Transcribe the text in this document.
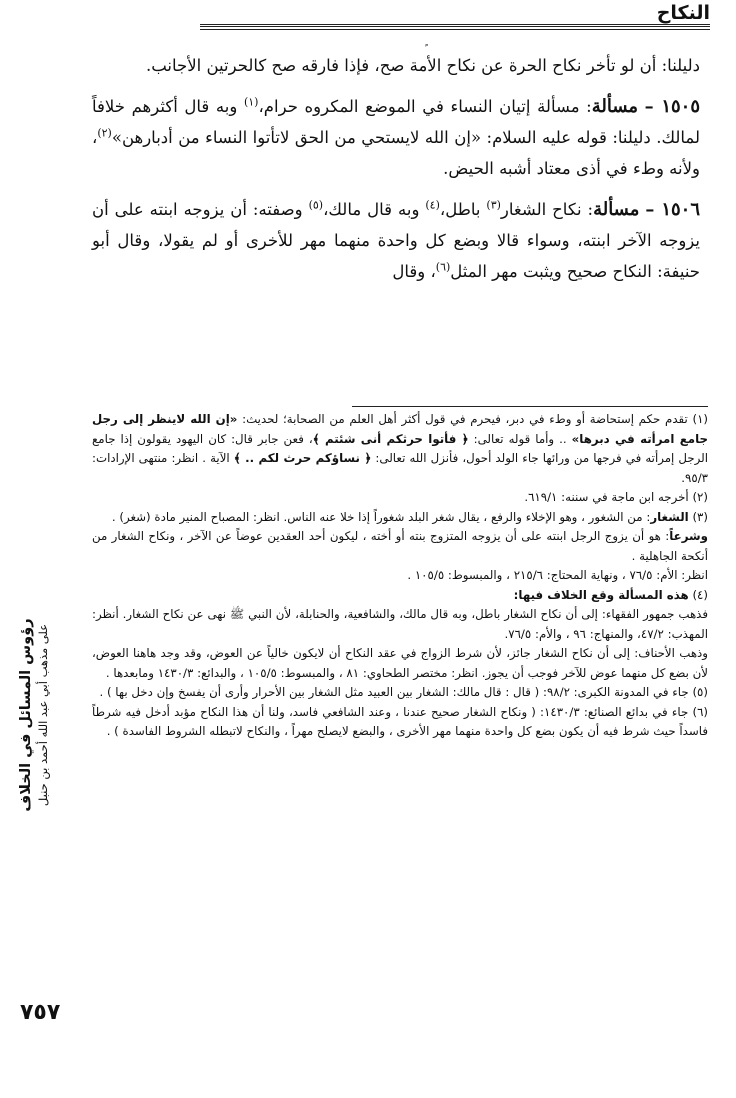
النكاح

دليلنا: أن لو تأخر نكاح الحرة عن نكاح الأمة صح، فإذا فارقه صح كالحرتين الأجانب.

١٥٠٥ – مسألة: مسألة إتيان النساء في الموضع المكروه حرام،$^{(١)}$ وبه قال أكثرهم خلافاً لمالك. دليلنا: قوله عليه السلام: «إن الله لايستحي من الحق لاتأتوا النساء من أدبارهن»$^{(٢)}$، ولأنه وطء في أذى معتاد أشبه الحيض.

١٥٠٦ – مسألة: نكاح الشغار$^{(٣)}$ باطل،$^{(٤)}$ وبه قال مالك،$^{(٥)}$ وصفته: أن يزوجه ابنته على أن يزوجه الآخر ابنته، وسواء قالا وبضع كل واحدة منهما مهر للأخرى أو لم يقولا، وقال أبو حنيفة: النكاح صحيح ويثبت مهر المثل$^{(٦)}$، وقال

(١) تقدم حكم إستحاضة أو وطء في دبر، فيحرم في قول أكثر أهل العلم من الصحابة؛ لحديث: «إن الله لاينظر إلى رجل جامع امرأته في دبرها» .. وأما قوله تعالى: ﴿ فأتوا حرثكم أنى شئتم ﴾، فعن جابر قال: كان اليهود يقولون إذا جامع الرجل إمرأته في فرجها من ورائها جاء الولد أحول، فأنزل الله تعالى: ﴿ نساؤكم حرث لكم .. ﴾ الآية . انظر: منتهى الإرادات: ٩٥/٣.

(٢) أخرجه ابن ماجة في سننه: ٦١٩/١.

(٣) الشغار: من الشغور ، وهو الإخلاء والرفع ، يقال شغر البلد شغوراً إذا خلا عنه الناس. انظر: المصباح المنير مادة (شغر) .
وشرعاً: هو أن يزوج الرجل ابنته على أن يزوجه المتزوج بنته أو أخته ، ليكون أحد العقدين عوضاً عن الآخر ، ونكاح الشغار من أنكحة الجاهلية .
انظر: الأم: ٧٦/٥ ، ونهاية المحتاج: ٢١٥/٦ ، والمبسوط: ١٠٥/٥ .

(٤) هذه المسألة وقع الخلاف فيها:
فذهب جمهور الفقهاء: إلى أن نكاح الشغار باطل، وبه قال مالك، والشافعية، والحنابلة، لأن النبي ﷺ نهى عن نكاح الشغار. أنظر: المهذب: ٤٧/٢، والمنهاج: ٩٦ ، والأم: ٧٦/٥.
وذهب الأحناف: إلى أن نكاح الشغار جائز، لأن شرط الزواج في عقد النكاح أن لايكون خالياً عن العوض، وقد وجد هاهنا العوض، لأن بضع كل منهما عوض للآخر فوجب أن يجوز. انظر: مختصر الطحاوي: ٨١ ، والمبسوط: ١٠٥/٥ ، والبدائع: ١٤٣٠/٣ ومابعدها .

(٥) جاء في المدونة الكبرى: ٩٨/٢: ( قال : قال مالك: الشغار بين العبيد مثل الشغار بين الأحرار وأرى أن يفسخ وإن دخل بها ) .

(٦) جاء في بدائع الصنائع: ١٤٣٠/٣: ( ونكاح الشغار صحيح عندنا ، وعند الشافعي فاسد، ولنا أن هذا النكاح مؤبد أدخل فيه شرطاً فاسداً حيث شرط فيه أن يكون بضع كل واحدة منهما مهر الأخرى ، والبضع لايصلح مهراً ، والنكاح لاتبطله الشروط الفاسدة ) .

رؤوس المسائل في الخلاف على مذهب أبي عبد الله أحمد بن حنبل
٧٥٧
